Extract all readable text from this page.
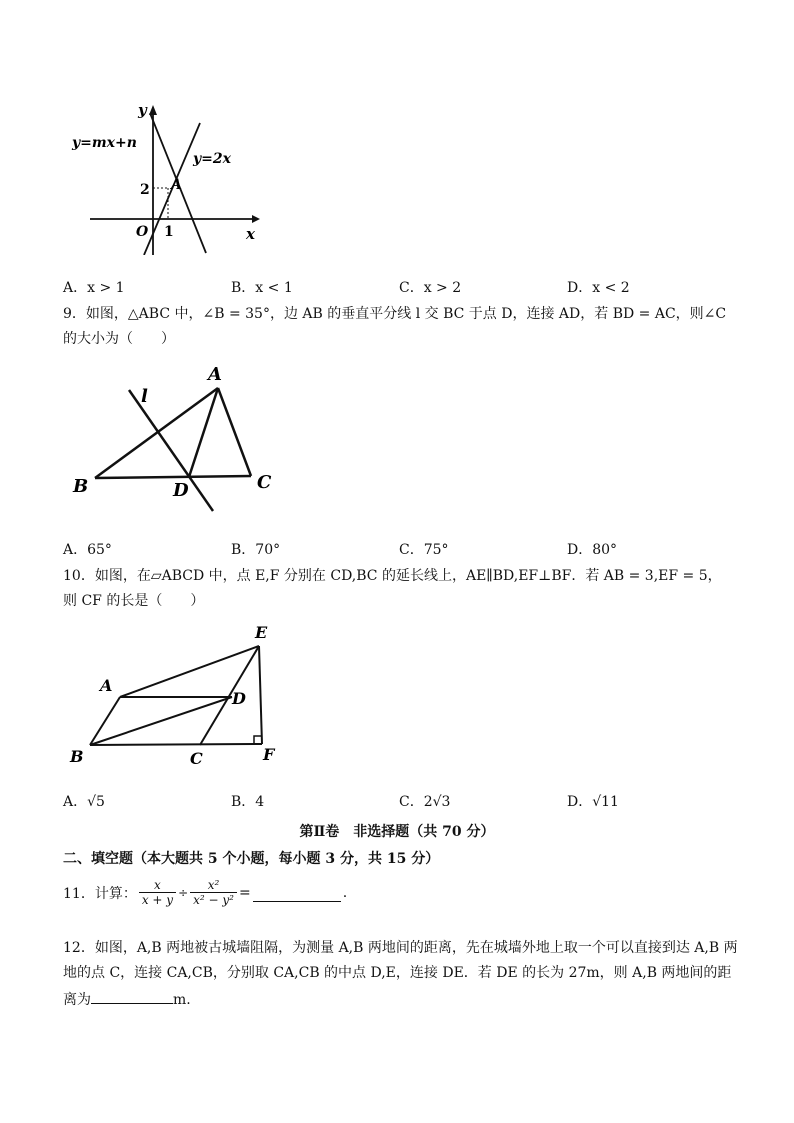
y
x
y=mx+n
y=2x
A
O 1
2
A．x > 1	B．x < 1	C．x > 2	D．x < 2
9．如图，△ABC 中，∠B = 35°，边 AB 的垂直平分线 l 交 BC 于点 D，连接 AD，若 BD = AC，则∠C
的大小为（　　）
A
B	C
D
l
A．65°	B．70°	C．75°	D．80°
10．如图，在▱ABCD 中，点 E,F 分别在 CD,BC 的延长线上，AE∥BD,EF⊥BF．若 AB = 3,EF = 5，
则 CF 的长是（　　）
E
A
D
B	C	F
A．√5	B．4	C．2√3	D．√11
第Ⅱ卷　非选择题（共 70 分）
二、填空题（本大题共 5 个小题，每小题 3 分，共 15 分）
11．计算： $\frac{x}{x + y} \div \frac{\text{x²}}{\text{x² − y²}}$ =	.
12．如图，A,B 两地被古城墙阻隔，为测量 A,B 两地间的距离，先在城墙外地上取一个可以直接到达 A,B 两
地的点 C，连接 CA,CB，分别取 CA,CB 的中点 D,E，连接 DE．若 DE 的长为 27m，则 A,B 两地间的距
离为	m.
